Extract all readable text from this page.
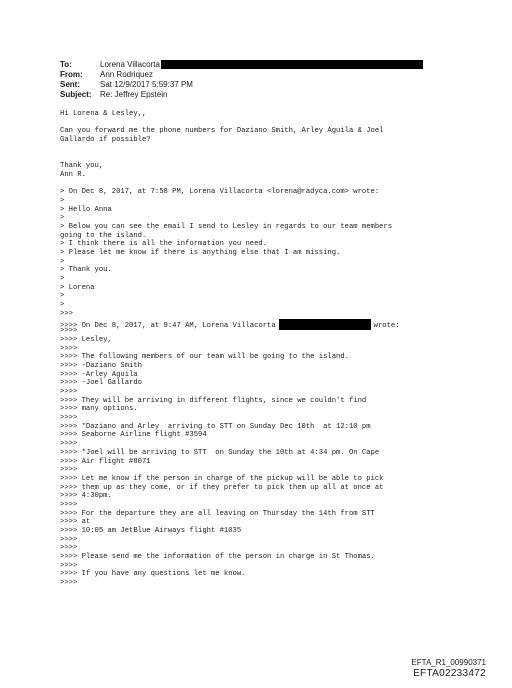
To:	Lorena Villacorta
From:	Ann Rodriquez
Sent:	Sat 12/9/2017 5:59:37 PM
Subject:	Re: Jeffrey Epstein
Hi Lorena & Lesley,,
Can you forward me the phone numbers for Daziano Smith, Arley Aguila & Joel
Gallardo if possible?
Thank you,
Ann R.
> On Dec 8, 2017, at 7:58 PM, Lorena Villacorta <lorena@radyca.com> wrote:
>
> Hello Anna
>
> Below you can see the email I send to Lesley in regards to our team members
going to the island.
> I think there is all the information you need.
> Please let me know if there is anything else that I am missing.
>
> Thank you.
>
> Lorena
>
>
>>>
>>>> On Dec 8, 2017, at 9:47 AM, Lorena Villacorta	wrote:
>>>>
>>>> Lesley,
>>>>
>>>> The following members of our team will be going to the island.
>>>> -Daziano Smith
>>>> -Arley Aguila
>>>> -Joel Gallardo
>>>>
>>>> They will be arriving in different flights, since we couldn't find
>>>> many options.
>>>>
>>>> *Daziano and Arley  arriving to STT on Sunday Dec 10th  at 12:10 pm
>>>> Seaborne Airline flight #3594
>>>>
>>>> *Joel will be arriving to STT  on Sunday the 10th at 4:34 pm. On Cape
>>>> Air flight #8071
>>>>
>>>> Let me know if the person in charge of the pickup will be able to pick
>>>> them up as they come, or if they prefer to pick them up all at once at
>>>> 4:30pm.
>>>>
>>>> For the departure they are all leaving on Thursday the 14th from STT
>>>> at
>>>> 10:05 am JetBlue Airways flight #1035
>>>>
>>>>
>>>> Please send me the information of the person in charge in St Thomas.
>>>>
>>>> If you have any questions let me know.
>>>>
EFTA_R1_00990371
EFTA02233472
